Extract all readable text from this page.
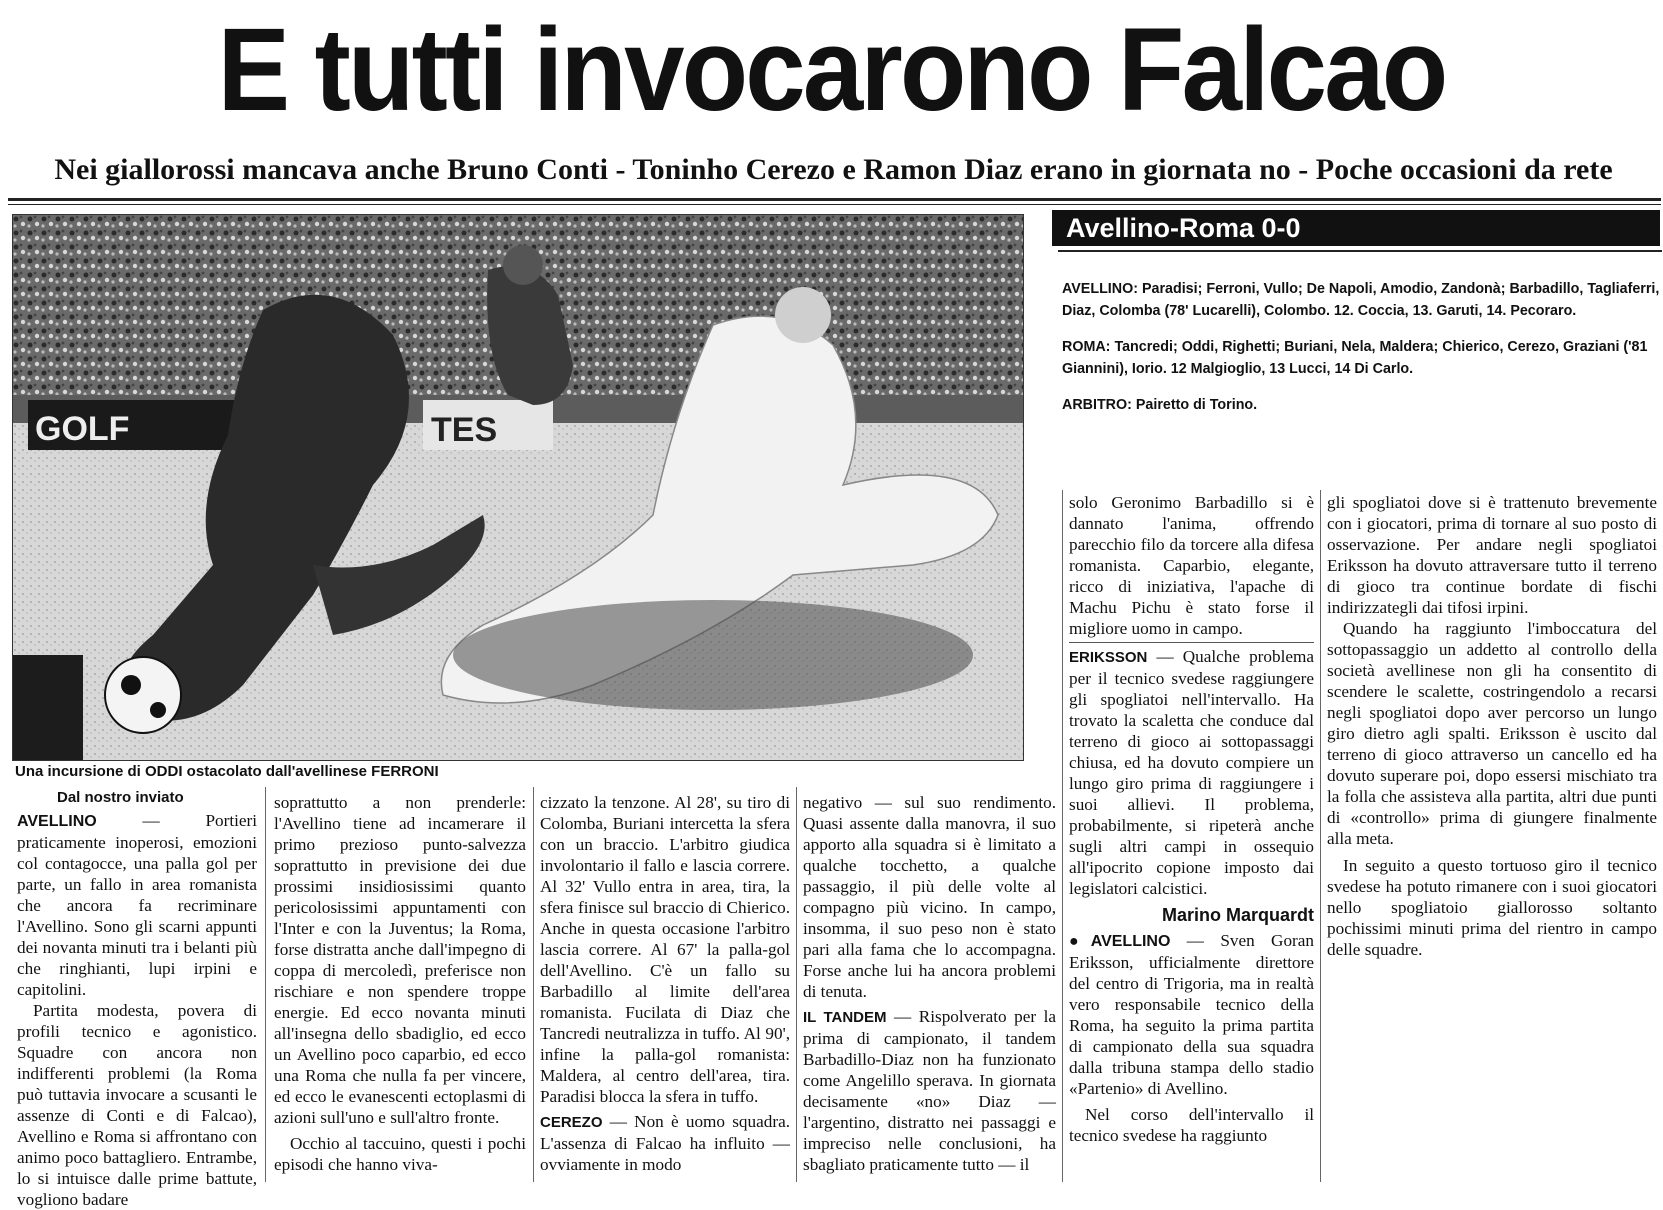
E tutti invocarono Falcao
Nei giallorossi mancava anche Bruno Conti - Toninho Cerezo e Ramon Diaz erano in giornata no - Poche occasioni da rete
GOLF	TES
Una incursione di ODDI ostacolato dall'avellinese FERRONI
Avellino-Roma 0-0

AVELLINO: Paradisi; Ferroni, Vullo; De Napoli, Amodio, Zandonà; Barbadillo, Tagliaferri, Diaz, Colomba (78' Lucarelli), Colombo. 12. Coccia, 13. Garuti, 14. Pecoraro.

ROMA: Tancredi; Oddi, Righetti; Buriani, Nela, Maldera; Chierico, Cerezo, Graziani ('81 Giannini), Iorio. 12 Malgioglio, 13 Lucci, 14 Di Carlo.

ARBITRO: Pairetto di Torino.

Dal nostro inviato

AVELLINO	— Portieri praticamente inoperosi, emozioni col contagocce, una palla gol per parte, un fallo in area romanista che ancora fa recriminare l'Avellino. Sono gli scarni appunti dei novanta minuti tra i belanti più che ringhianti, lupi irpini e capitolini.

Partita modesta, povera di profili tecnico e agonistico. Squadre con ancora non indifferenti problemi (la Roma può tuttavia invocare a scusanti le assenze di Conti e di Falcao), Avellino e Roma si affrontano con animo poco battagliero. Entrambe, lo si intuisce dalle prime battute, vogliono badare

soprattutto a non prenderle: l'Avellino tiene ad incamerare il primo prezioso punto-salvezza soprattutto in previsione dei due prossimi insidiosissimi quanto pericolosissimi appuntamenti con l'Inter e con la Juventus; la Roma, forse distratta anche dall'impegno di coppa di mercoledì, preferisce non rischiare e non spendere troppe energie. Ed ecco novanta minuti all'insegna dello sbadiglio, ed ecco un Avellino poco caparbio, ed ecco una Roma che nulla fa per vincere, ed ecco le evanescenti ectoplasmi di azioni sull'uno e sull'altro fronte.

Occhio al taccuino, questi i pochi episodi che hanno viva-

cizzato la tenzone. Al 28', su tiro di Colomba, Buriani intercetta la sfera con un braccio. L'arbitro giudica involontario il fallo e lascia correre. Al 32' Vullo entra in area, tira, la sfera finisce sul braccio di Chierico. Anche in questa occasione l'arbitro lascia correre. Al 67' la palla-gol dell'Avellino. C'è un fallo su Barbadillo al limite dell'area romanista. Fucilata di Diaz che Tancredi neutralizza in tuffo. Al 90', infine la palla-gol romanista: Maldera, al centro dell'area, tira. Paradisi blocca la sfera in tuffo.

CEREZO — Non è uomo squadra. L'assenza di Falcao ha influito — ovviamente in modo

negativo — sul suo rendimento. Quasi assente dalla manovra, il suo apporto alla squadra si è limitato a qualche tocchetto, a qualche passaggio, il più delle volte al compagno più vicino. In campo, insomma, il suo peso non è stato pari alla fama che lo accompagna. Forse anche lui ha ancora problemi di tenuta.

IL TANDEM — Rispolverato per la prima di campionato, il tandem Barbadillo-Diaz non ha funzionato come Angelillo sperava. In giornata decisamente «no» Diaz — l'argentino, distratto nei passaggi e impreciso nelle conclusioni, ha sbagliato praticamente tutto — il

solo Geronimo Barbadillo si è dannato l'anima, offrendo parecchio filo da torcere alla difesa romanista. Caparbio, elegante, ricco di iniziativa, l'apache di Machu Pichu è stato forse il migliore uomo in campo.

ERIKSSON — Qualche problema per il tecnico svedese raggiungere gli spogliatoi nell'intervallo. Ha trovato la scaletta che conduce dal terreno di gioco ai sottopassaggi chiusa, ed ha dovuto compiere un lungo giro prima di raggiungere i suoi allievi. Il problema, probabilmente, si ripeterà anche sugli altri campi in ossequio all'ipocrito copione imposto dai legislatori calcistici.

Marino Marquardt

●AVELLINO — Sven Goran Eriksson, ufficialmente direttore del centro di Trigoria, ma in realtà vero responsabile tecnico della Roma, ha seguito la prima partita di campionato della sua squadra dalla tribuna stampa dello stadio «Partenio» di Avellino.

Nel corso dell'intervallo il tecnico svedese ha raggiunto

gli spogliatoi dove si è trattenuto brevemente con i giocatori, prima di tornare al suo posto di osservazione. Per andare negli spogliatoi Eriksson ha dovuto attraversare tutto il terreno di gioco tra continue bordate di fischi indirizzategli dai tifosi irpini.

Quando ha raggiunto l'imboccatura del sottopassaggio un addetto al controllo della società avellinese non gli ha consentito di scendere le scalette, costringendolo a recarsi negli spogliatoi dopo aver percorso un lungo giro dietro agli spalti. Eriksson è uscito dal terreno di gioco attraverso un cancello ed ha dovuto superare poi, dopo essersi mischiato tra la folla che assisteva alla partita, altri due punti di «controllo» prima di giungere finalmente alla meta.

In seguito a questo tortuoso giro il tecnico svedese ha potuto rimanere con i suoi giocatori nello spogliatoio giallorosso soltanto pochissimi minuti prima del rientro in campo delle squadre.
